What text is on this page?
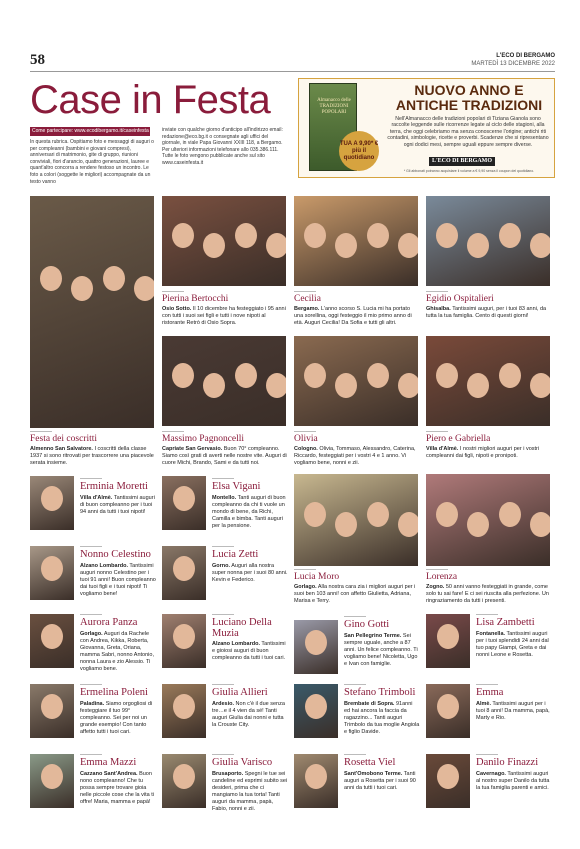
58	L'ECO DI BERGAMO
MARTEDÌ 13 DICEMBRE 2022
Case in Festa
Come partecipare: www.ecodibergamo.it/caseinfesta
In questa rubrica. Ospitiamo foto e messaggi di auguri o per compleanni (bambini e giovani compresi), anniversari di matrimonio, gite di gruppo, riunioni conviviali, fiori d'arancio, quattro generazioni, lauree e quant'altro concorra a rendere festoso un incontro. Le foto a colori (soggette le migliori) accompagnate da un testo vanno
inviate con qualche giorno d'anticipo all'indirizzo email: redazione@eco.bg.it o consegnate agli uffici del giornale, in viale Papa Giovanni XXIII 118, a Bergamo. Per ulteriori informazioni telefonare allo 035.386.111. Tutte le foto vengono pubblicate anche sul sito www.caseinfesta.it
Almanacco delle TRADIZIONI POPOLARI
TUA A 9,90* € più il quotidiano
NUOVO ANNO E ANTICHE TRADIZIONI
Nell'Almanacco delle tradizioni popolari di Tiziana Gianola sono raccolte leggende sulle ricorrenze legate al ciclo delle stagioni, alla terra, che oggi celebriamo ma senza conoscerne l'origine; antichi riti contadini, simbologie, ricette e proverbi. Scadenze che si ripresentano ogni dodici mesi, sempre uguali eppure sempre diverse.
L'ECO DI BERGAMO
* Gli abbonati potranno acquistare il volume a € 9,90 senza il coupon del quotidiano.
Festa dei coscritti
Almenno San Salvatore. I coscritti della classe 1937 si sono ritrovati per trascorrere una piacevole serata insieme.
Pierina Bertocchi
Osio Sotto. Il 10 dicembre ha festeggiato i 95 anni con tutti i suoi sei figli e tutti i nove nipoti al ristorante Retrò di Osio Sopra.
Cecilia
Bergamo. L'anno scorso S. Lucia mi ha portato una sorellina, oggi festeggio il mio primo anno di età. Auguri Cecilia! Da Sofia e tutti gli altri.
Egidio Ospitalieri
Ghisalba. Tantissimi auguri, per i tuoi 83 anni, da tutta la tua famiglia. Cento di questi giorni!
Massimo Pagnoncelli
Capriate San Gervasio. Buon 70° compleanno. Siamo così grati di averti nelle nostre vite. Auguri di cuore Michi, Brando, Sami e da tutti noi.
Olivia
Cologno. Olivia, Tommaso, Alessandro, Caterina, Riccardo, festeggiati per i vostri 4 e 1 anno. Vi vogliamo bene, nonni e zii.
Piero e Gabriella
Villa d'Almè. I nostri migliori auguri per i vostri compleanni dai figli, nipoti e pronipoti.
Erminia Moretti
Villa d'Almè. Tantissimi auguri di buon compleanno per i tuoi 94 anni da tutti i tuoi nipoti!
Elsa Vigani
Montello. Tanti auguri di buon compleanno da chi ti vuole un mondo di bene, da Richi, Camilla e bimba. Tanti auguri per la pensione.
Lucia Moro
Gorlago. Alla nostra cara zia i migliori auguri per i suoi ben 103 anni! con affetto Giulietta, Adriana, Marisa e Terry.
Lorenza
Zogno. 50 anni vanno festeggiati in grande, come solo tu sai fare! E ci sei riuscita alla perfezione. Un ringraziamento da tutti i presenti.
Nonno Celestino
Alzano Lombardo. Tantissimi auguri nonno Celestino per i tuoi 91 anni! Buon compleanno dai tuoi figli e i tuoi nipoti! Ti vogliamo bene!
Lucia Zetti
Gorno. Auguri alla nostra super nonna per i suoi 80 anni. Kevin e Federico.
Aurora Panza
Gorlago. Auguri da Rachele con Andrea, Kikka, Roberta, Giovanna, Greta, Oriana, mamma Sabri, nonno Antonio, nonna Laura e zio Alessio. Ti vogliamo bene.
Luciano Della Muzia
Alzano Lombardo. Tantissimi e gioiosi auguri di buon compleanno da tutti i tuoi cari.
Gino Gotti
San Pellegrino Terme. Sei sempre uguale, anche a 87 anni. Un felice compleanno. Ti vogliamo bene! Nicoletta, Ugo e Ivan con famiglie.
Lisa Zambetti
Fontanella. Tantissimi auguri per i tuoi splendidi 24 anni dal tuo papy Giampi, Greta e dai nonni Leone e Rosetta.
Ermelina Poleni
Paladina. Siamo orgogliosi di festeggiare il tuo 99° compleanno. Sei per noi un grande esempio! Con tanto affetto tutti i tuoi cari.
Giulia Allieri
Ardesio. Non c'è il due senza tre…e il 4 vien da sé! Tanti auguri Giulia dai nonni e tutta la Crouste City.
Stefano Trimboli
Brembate di Sopra. 91anni ed hai ancora la faccia da ragazzino... Tanti auguri Trimbolo da tua moglie Angiola e figlio Davide.
Emma
Almè. Tantissimi auguri per i tuoi 8 anni! Da mamma, papà, Marty e Rio.
Emma Mazzi
Cazzano Sant'Andrea. Buon nono compleanno! Che tu possa sempre trovare gioia nelle piccole cose che la vita ti offre! Maria, mamma e papà!
Giulia Varisco
Brusaporto. Spegni le tue sei candeline ed esprimi subito sei desideri, prima che ci mangiamo la tua torta! Tanti auguri da mamma, papà, Fabio, nonni e zii.
Rosetta Viel
Sant'Omobono Terme. Tanti auguri a Rosetta per i suoi 90 anni da tutti i tuoi cari.
Danilo Finazzi
Cavernago. Tantissimi auguri al nostro super Danilo da tutta la tua famiglia parenti e amici.
